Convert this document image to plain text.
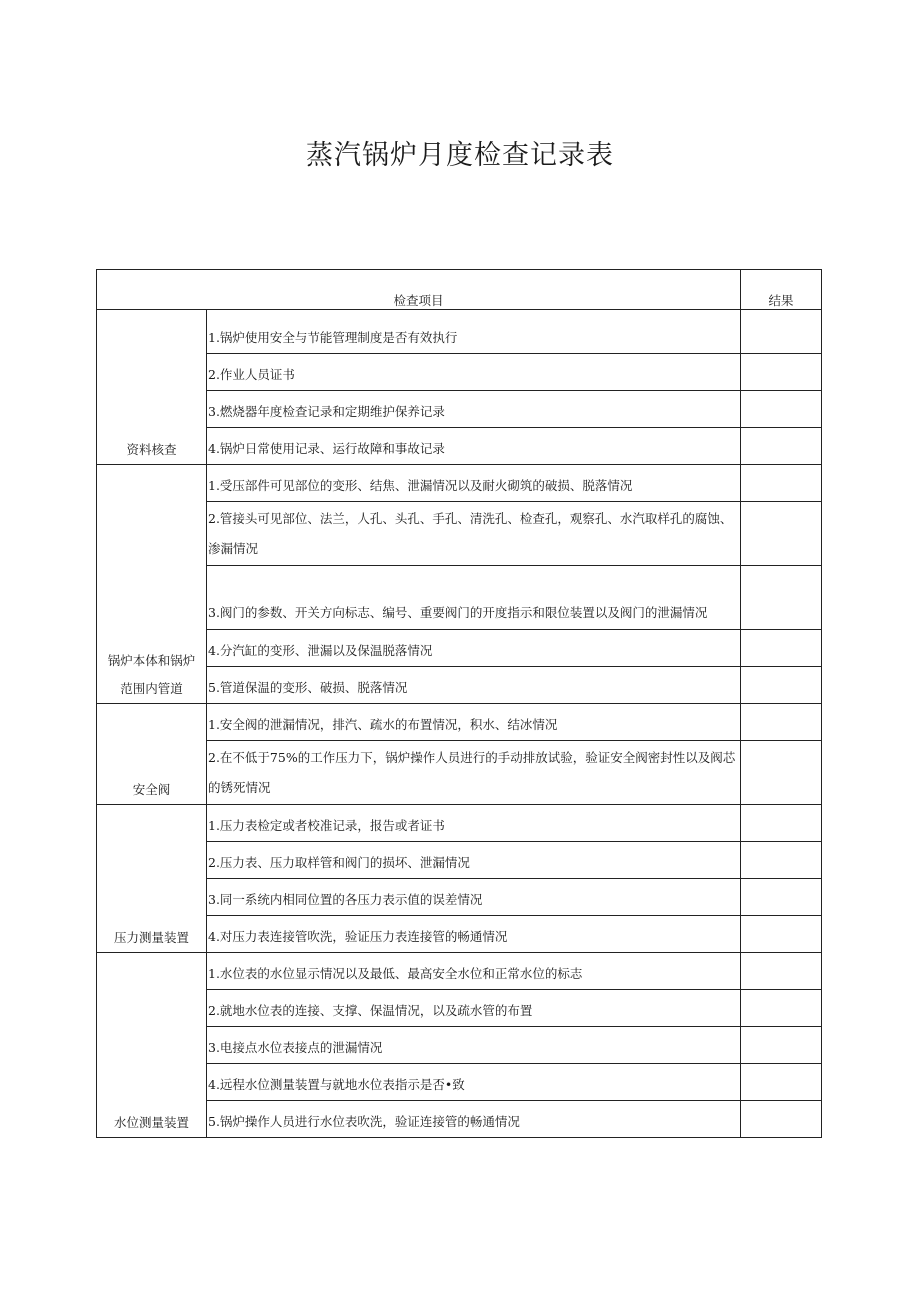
蒸汽锅炉月度检查记录表
检查项目		结果
资料核查	1.锅炉使用安全与节能管理制度是否有效执行	
	2.作业人员证书	
	3.燃烧器年度检查记录和定期维护保养记录	
	4.锅炉日常使用记录、运行故障和事故记录	
锅炉本体和锅炉
范围内管道	1.受压部件可见部位的变形、结焦、泄漏情况以及耐火砌筑的破损、脱落情况	
	2.管接头可见部位、法兰，人孔、头孔、手孔、清洗孔、检查孔，观察孔、水汽取样孔的腐蚀、渗漏情况	
	3.阀门的参数、开关方向标志、编号、重要阀门的开度指示和限位装置以及阀门的泄漏情况	
	4.分汽缸的变形、泄漏以及保温脱落情况	
	5.管道保温的变形、破损、脱落情况	
安全阀	1.安全阀的泄漏情况，排汽、疏水的布置情况，积水、结冰情况	
	2.在不低于75%的工作压力下，锅炉操作人员进行的手动排放试验，验证安全阀密封性以及阀芯的锈死情况	
压力测量装置	1.压力表检定或者校准记录，报告或者证书	
	2.压力表、压力取样管和阀门的损坏、泄漏情况	
	3.同一系统内相同位置的各压力表示值的误差情况	
	4.对压力表连接管吹洗，验证压力表连接管的畅通情况	
水位测量装置	1.水位表的水位显示情况以及最低、最高安全水位和正常水位的标志	
	2.就地水位表的连接、支撑、保温情况，以及疏水管的布置	
	3.电接点水位表接点的泄漏情况	
	4.远程水位测量装置与就地水位表指示是否•致	
	5.锅炉操作人员进行水位表吹洗，验证连接管的畅通情况	
